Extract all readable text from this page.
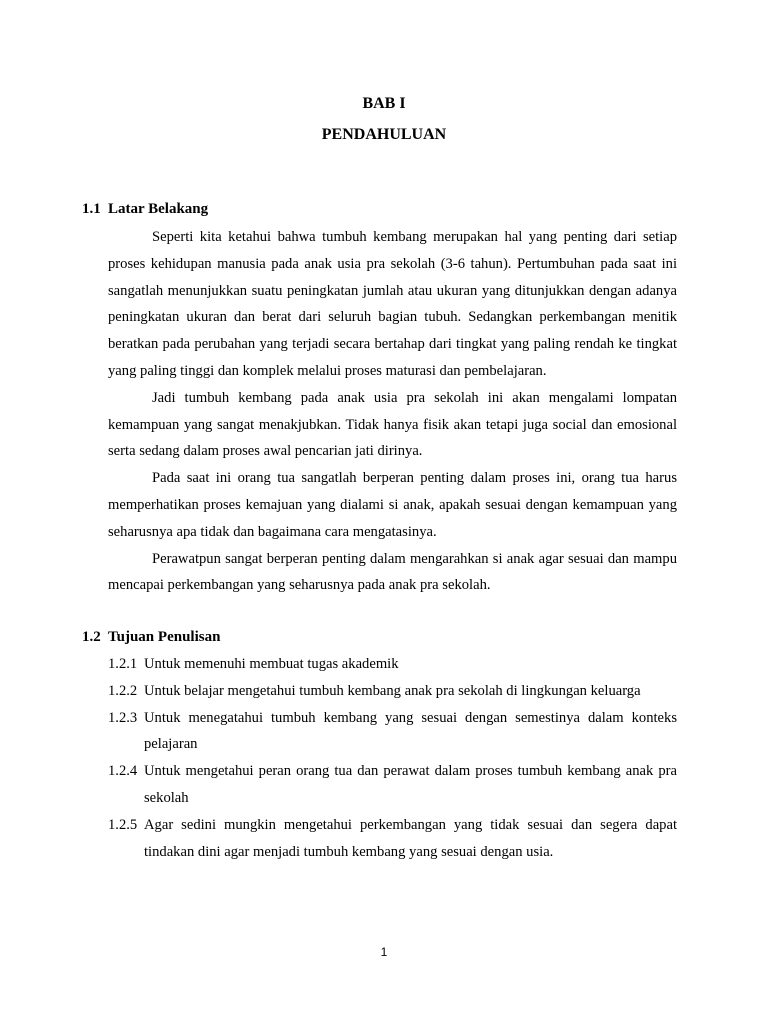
BAB I
PENDAHULUAN
1.1 Latar Belakang

Seperti kita ketahui bahwa tumbuh kembang merupakan hal yang penting dari setiap proses kehidupan manusia pada anak usia pra sekolah (3-6 tahun). Pertumbuhan pada saat ini sangatlah menunjukkan suatu peningkatan jumlah atau ukuran yang ditunjukkan dengan adanya peningkatan ukuran dan berat dari seluruh bagian tubuh. Sedangkan perkembangan menitik beratkan pada perubahan yang terjadi secara bertahap dari tingkat yang paling rendah ke tingkat yang paling tinggi dan komplek melalui proses maturasi dan pembelajaran.

Jadi tumbuh kembang pada anak usia pra sekolah ini akan mengalami lompatan kemampuan yang sangat menakjubkan. Tidak hanya fisik akan tetapi juga social dan emosional serta sedang dalam proses awal pencarian jati dirinya.

Pada saat ini orang tua sangatlah berperan penting dalam proses ini, orang tua harus memperhatikan proses kemajuan yang dialami si anak, apakah sesuai dengan kemampuan yang seharusnya apa tidak dan bagaimana cara mengatasinya.

Perawatpun sangat berperan penting dalam mengarahkan si anak agar sesuai dan mampu mencapai perkembangan yang seharusnya pada anak pra sekolah.

1.2 Tujuan Penulisan
1.2.1 Untuk memenuhi membuat tugas akademik
1.2.2 Untuk belajar mengetahui tumbuh kembang anak pra sekolah di lingkungan keluarga
1.2.3 Untuk menegatahui tumbuh kembang yang sesuai dengan semestinya dalam konteks pelajaran
1.2.4 Untuk mengetahui peran orang tua dan perawat dalam proses tumbuh kembang anak pra sekolah
1.2.5 Agar sedini mungkin mengetahui perkembangan yang tidak sesuai dan segera dapat tindakan dini agar menjadi tumbuh kembang yang sesuai dengan usia.
1
